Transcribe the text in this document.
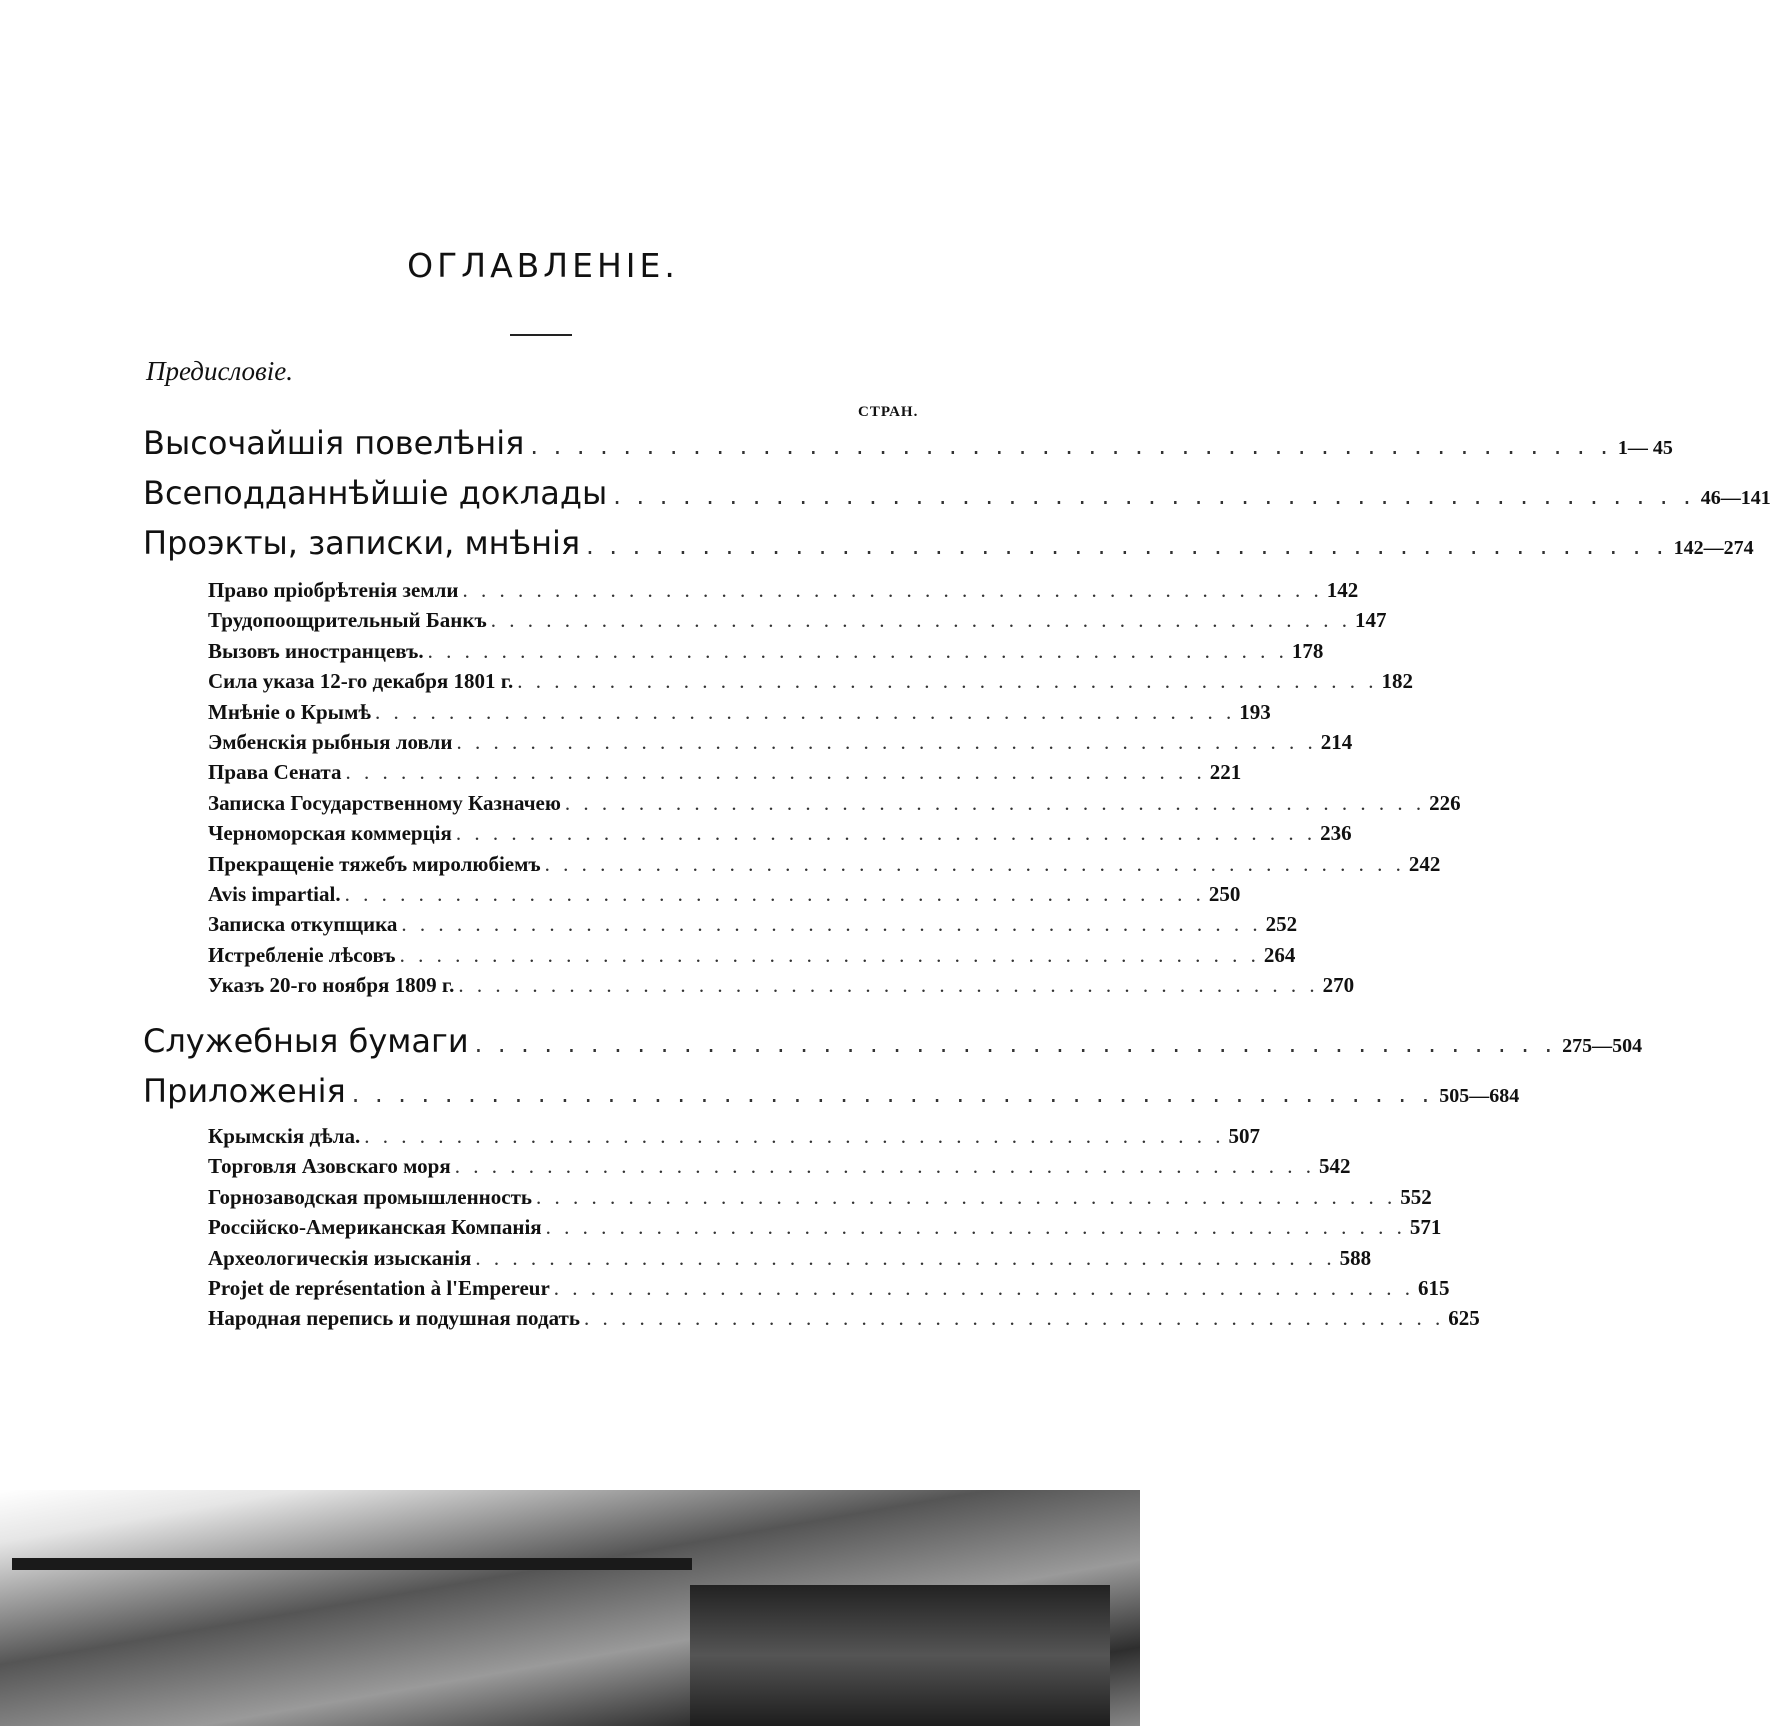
ОГЛАВЛЕНІЕ.
Предисловіе.
СТРАН.
Высочайшія повелѣнія . . . . . . . . . . . . . . . . . . . . . . . . . . . . . . . . . . . . . . . . . . . . . . . 1— 45
Всеподданнѣйшіе доклады . . . . . . . . . . . . . . . . . . . . . . . . . . . . . . . . . . . . . . . . . . . . . . . 46—141
Проэкты, записки, мнѣнія . . . . . . . . . . . . . . . . . . . . . . . . . . . . . . . . . . . . . . . . . . . . . . . 142—274
Право пріобрѣтенія земли . . . . . . . . . . . . . . . . . . . . . . . . . . . . . . . . . . . . . . . . . . . . . . . 142
Трудопоощрительный Банкъ . . . . . . . . . . . . . . . . . . . . . . . . . . . . . . . . . . . . . . . . . . . . . . . 147
Вызовъ иностранцевъ. . . . . . . . . . . . . . . . . . . . . . . . . . . . . . . . . . . . . . . . . . . . . . . . 178
Сила указа 12-го декабря 1801 г. . . . . . . . . . . . . . . . . . . . . . . . . . . . . . . . . . . . . . . . . . . . . . . . 182
Мнѣніе о Крымѣ . . . . . . . . . . . . . . . . . . . . . . . . . . . . . . . . . . . . . . . . . . . . . . . 193
Эмбенскія рыбныя ловли . . . . . . . . . . . . . . . . . . . . . . . . . . . . . . . . . . . . . . . . . . . . . . . 214
Права Сената . . . . . . . . . . . . . . . . . . . . . . . . . . . . . . . . . . . . . . . . . . . . . . . 221
Записка Государственному Казначею . . . . . . . . . . . . . . . . . . . . . . . . . . . . . . . . . . . . . . . . . . . . . . . 226
Черноморская коммерція . . . . . . . . . . . . . . . . . . . . . . . . . . . . . . . . . . . . . . . . . . . . . . . 236
Прекращеніе тяжебъ миролюбіемъ . . . . . . . . . . . . . . . . . . . . . . . . . . . . . . . . . . . . . . . . . . . . . . . 242
Avis impartial. . . . . . . . . . . . . . . . . . . . . . . . . . . . . . . . . . . . . . . . . . . . . . . . 250
Записка откупщика . . . . . . . . . . . . . . . . . . . . . . . . . . . . . . . . . . . . . . . . . . . . . . . 252
Истребленіе лѣсовъ . . . . . . . . . . . . . . . . . . . . . . . . . . . . . . . . . . . . . . . . . . . . . . . 264
Указъ 20-го ноября 1809 г. . . . . . . . . . . . . . . . . . . . . . . . . . . . . . . . . . . . . . . . . . . . . . . . 270
Служебныя бумаги . . . . . . . . . . . . . . . . . . . . . . . . . . . . . . . . . . . . . . . . . . . . . . . 275—504
Приложенія . . . . . . . . . . . . . . . . . . . . . . . . . . . . . . . . . . . . . . . . . . . . . . . 505—684
Крымскія дѣла. . . . . . . . . . . . . . . . . . . . . . . . . . . . . . . . . . . . . . . . . . . . . . . . 507
Торговля Азовскаго моря . . . . . . . . . . . . . . . . . . . . . . . . . . . . . . . . . . . . . . . . . . . . . . . 542
Горнозаводская промышленность . . . . . . . . . . . . . . . . . . . . . . . . . . . . . . . . . . . . . . . . . . . . . . . 552
Россійско-Американская Компанія . . . . . . . . . . . . . . . . . . . . . . . . . . . . . . . . . . . . . . . . . . . . . . . 571
Археологическія изысканія . . . . . . . . . . . . . . . . . . . . . . . . . . . . . . . . . . . . . . . . . . . . . . . 588
Projet de représentation à l'Empereur . . . . . . . . . . . . . . . . . . . . . . . . . . . . . . . . . . . . . . . . . . . . . . . 615
Народная перепись и подушная подать . . . . . . . . . . . . . . . . . . . . . . . . . . . . . . . . . . . . . . . . . . . . . . . 625
